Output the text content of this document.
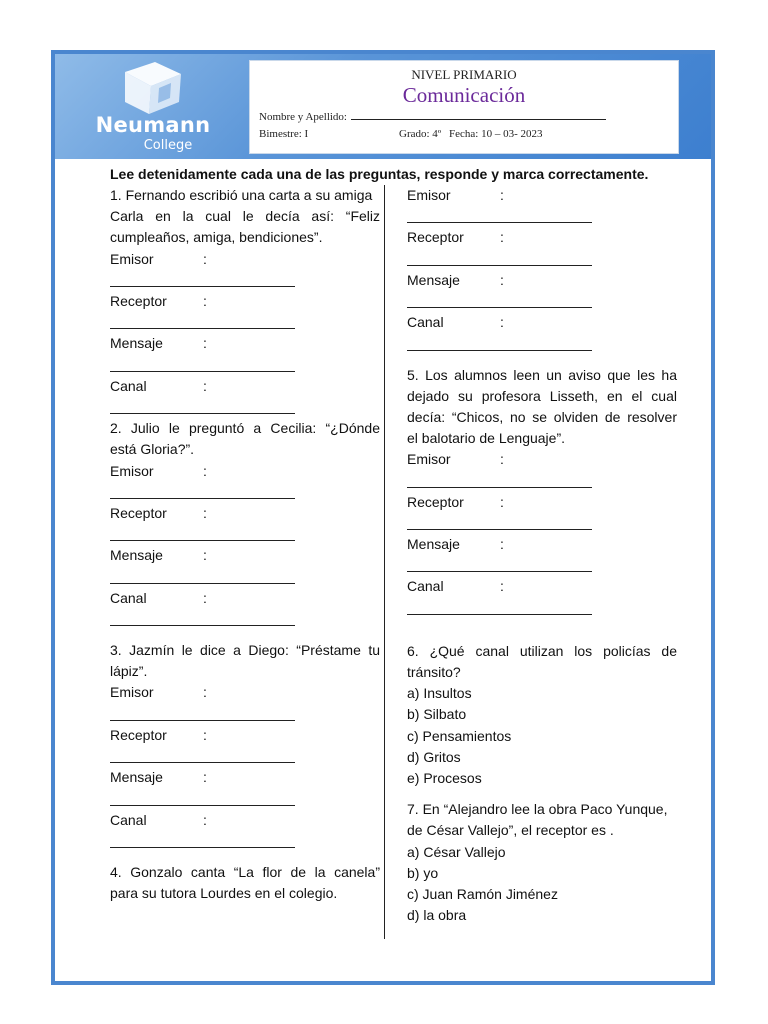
Neumann
College
NIVEL PRIMARIO
Comunicación
Nombre y Apellido:
Bimestre: I	Grado: 4º Fecha: 10 – 03- 2023
Lee detenidamente cada una de las preguntas, responde y marca correctamente.
1. Fernando escribió una carta a su amiga
Carla en la cual le decía así: “Feliz
cumpleaños, amiga, bendiciones”.
Emisor	:
Receptor	:
Mensaje	:
Canal	:
2. Julio le preguntó a Cecilia: “¿Dónde
está Gloria?”.
Emisor	:
Receptor	:
Mensaje	:
Canal	:
3. Jazmín le dice a Diego: “Préstame tu
lápiz”.
Emisor	:
Receptor	:
Mensaje	:
Canal	:
4. Gonzalo canta “La flor de la canela”
para su tutora Lourdes en el colegio.
Emisor	:
Receptor	:
Mensaje	:
Canal	:
5. Los alumnos leen un aviso que les ha
dejado su profesora Lisseth, en el cual
decía: “Chicos, no se olviden de resolver
el balotario de Lenguaje”.
Emisor	:
Receptor	:
Mensaje	:
Canal	:
6. ¿Qué canal utilizan los policías de
tránsito?
a) Insultos
b) Silbato
c) Pensamientos
d) Gritos
e) Procesos
7. En “Alejandro lee la obra Paco Yunque,
de César Vallejo”, el receptor es .
a) César Vallejo
b) yo
c) Juan Ramón Jiménez
d) la obra
